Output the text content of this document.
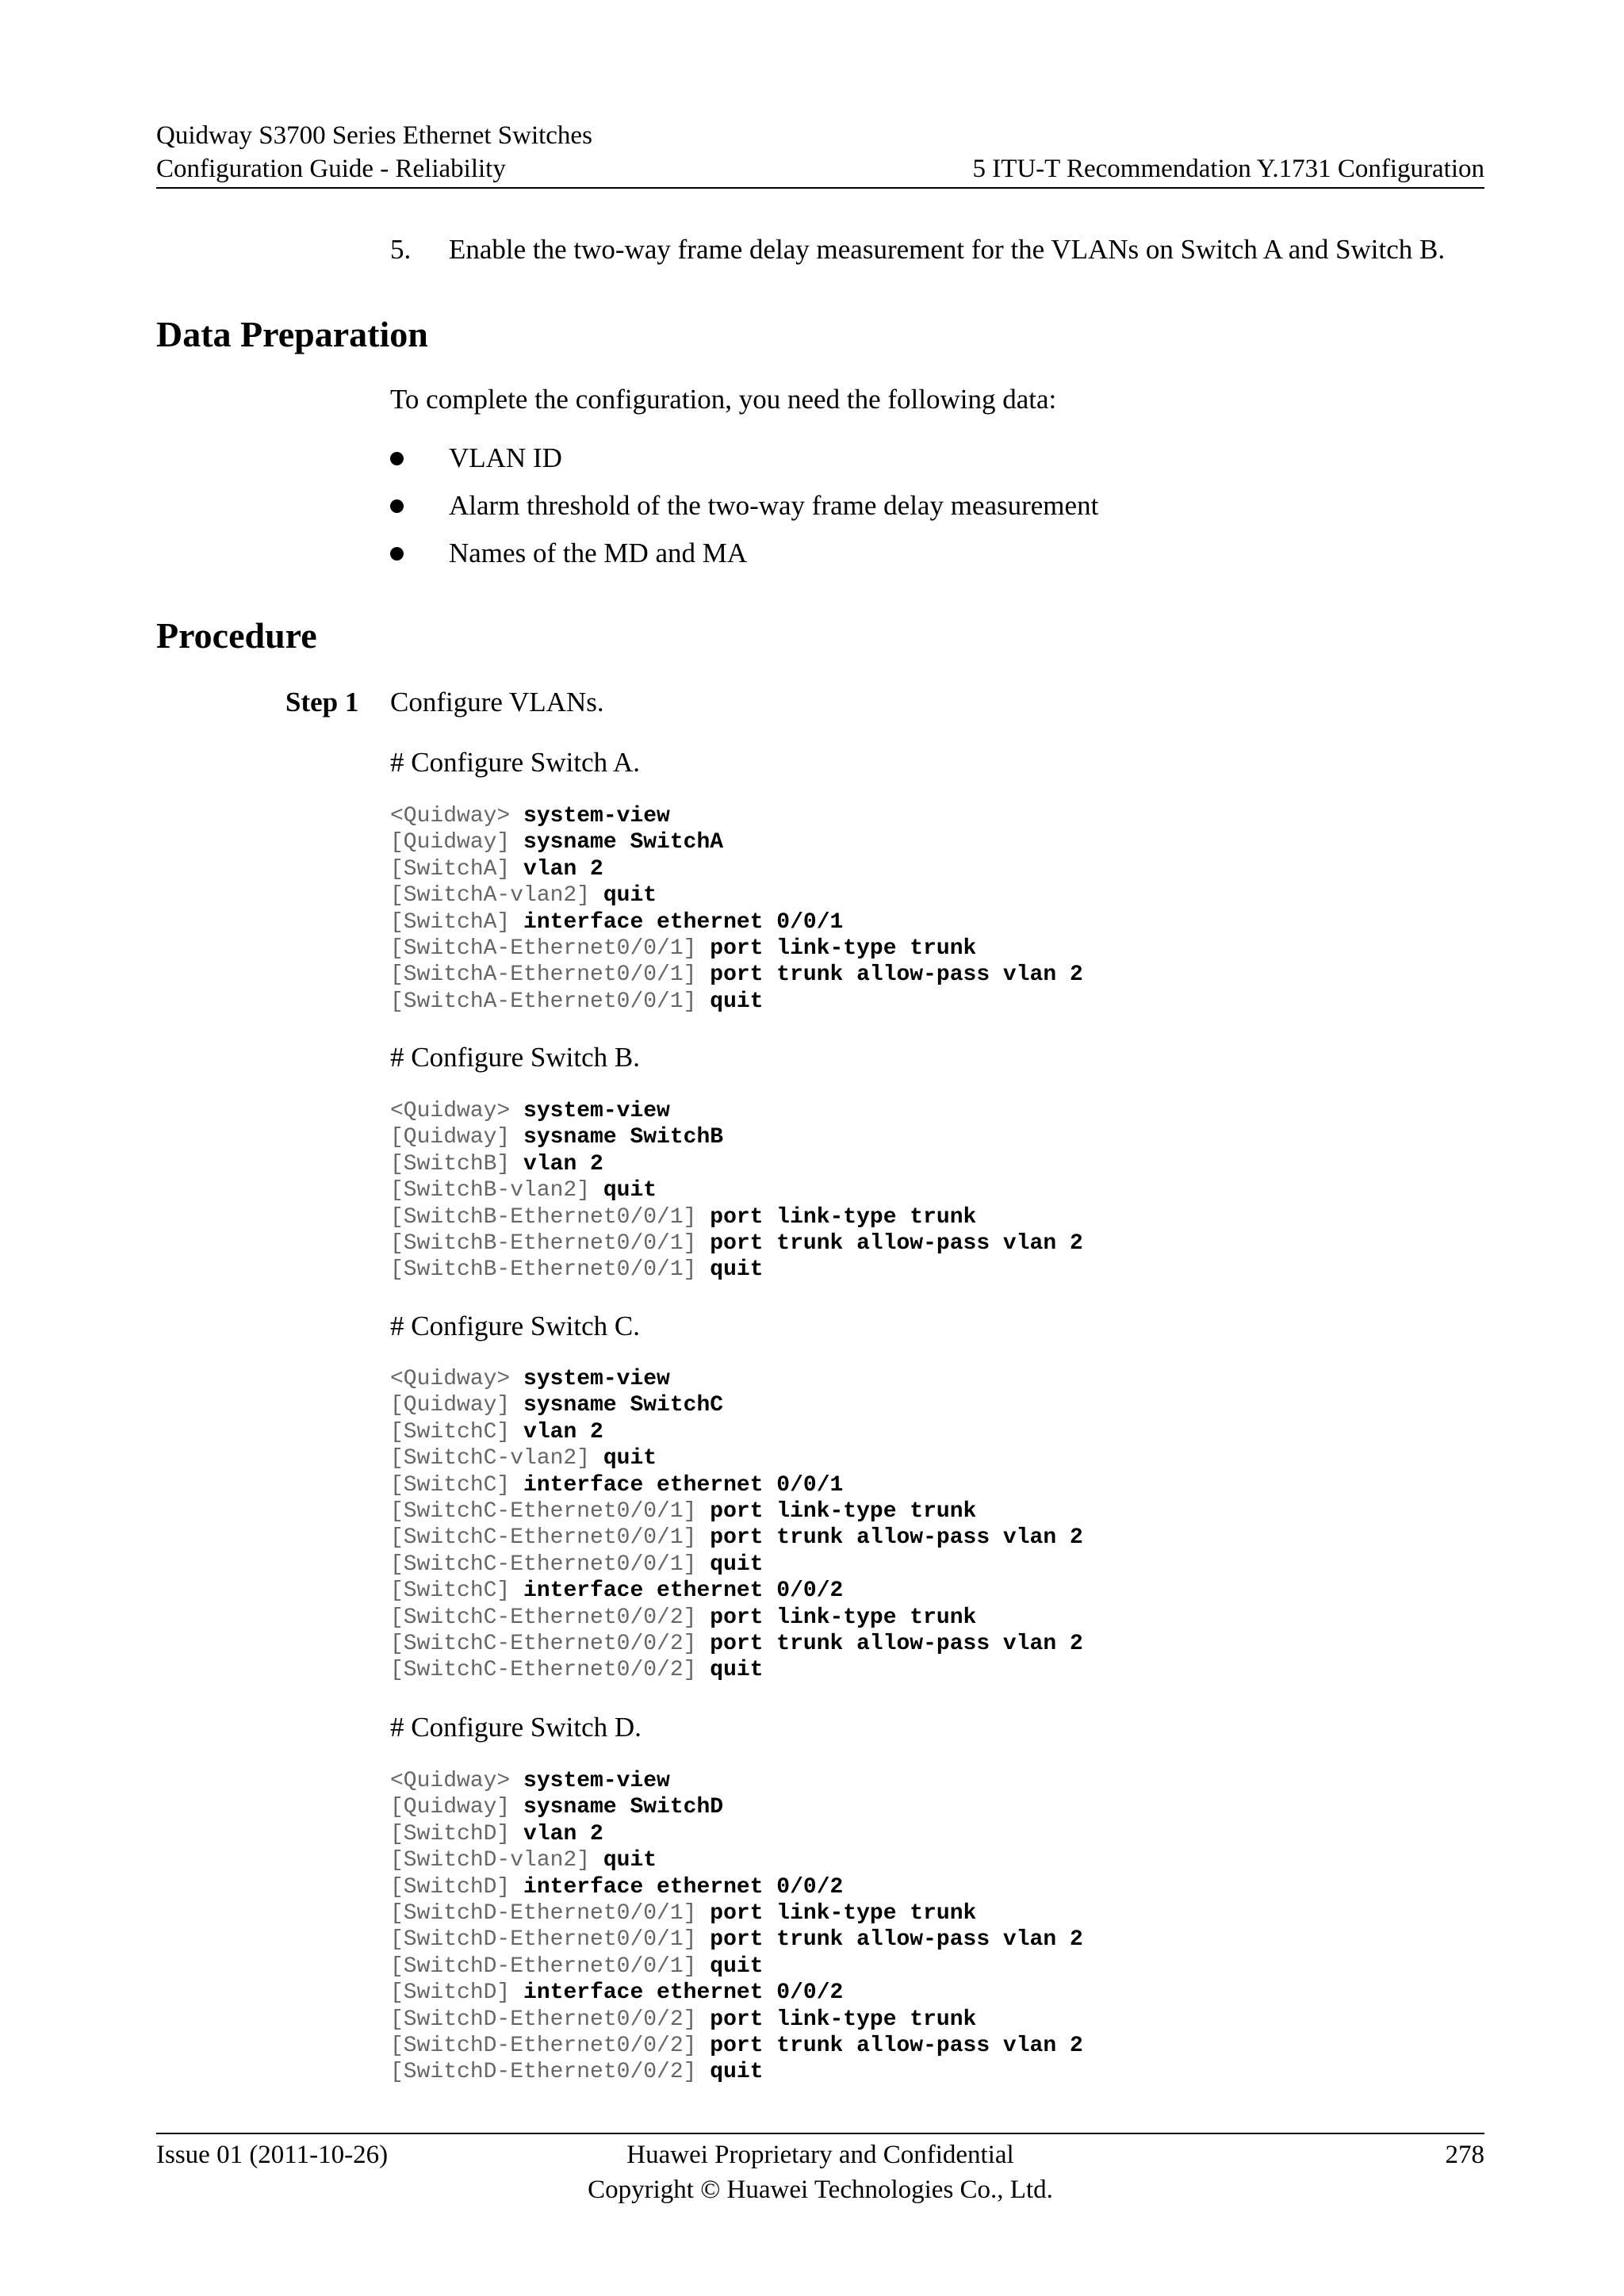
Quidway S3700 Series Ethernet Switches
Configuration Guide - Reliability	5 ITU-T Recommendation Y.1731 Configuration
5. Enable the two-way frame delay measurement for the VLANs on Switch A and Switch B.
Data Preparation
To complete the configuration, you need the following data:
VLAN ID
Alarm threshold of the two-way frame delay measurement
Names of the MD and MA
Procedure
Step 1 Configure VLANs.
# Configure Switch A.
<Quidway> system-view
[Quidway] sysname SwitchA
[SwitchA] vlan 2
[SwitchA-vlan2] quit
[SwitchA] interface ethernet 0/0/1
[SwitchA-Ethernet0/0/1] port link-type trunk
[SwitchA-Ethernet0/0/1] port trunk allow-pass vlan 2
[SwitchA-Ethernet0/0/1] quit
# Configure Switch B.
<Quidway> system-view
[Quidway] sysname SwitchB
[SwitchB] vlan 2
[SwitchB-vlan2] quit
[SwitchB-Ethernet0/0/1] port link-type trunk
[SwitchB-Ethernet0/0/1] port trunk allow-pass vlan 2
[SwitchB-Ethernet0/0/1] quit
# Configure Switch C.
<Quidway> system-view
[Quidway] sysname SwitchC
[SwitchC] vlan 2
[SwitchC-vlan2] quit
[SwitchC] interface ethernet 0/0/1
[SwitchC-Ethernet0/0/1] port link-type trunk
[SwitchC-Ethernet0/0/1] port trunk allow-pass vlan 2
[SwitchC-Ethernet0/0/1] quit
[SwitchC] interface ethernet 0/0/2
[SwitchC-Ethernet0/0/2] port link-type trunk
[SwitchC-Ethernet0/0/2] port trunk allow-pass vlan 2
[SwitchC-Ethernet0/0/2] quit
# Configure Switch D.
<Quidway> system-view
[Quidway] sysname SwitchD
[SwitchD] vlan 2
[SwitchD-vlan2] quit
[SwitchD] interface ethernet 0/0/2
[SwitchD-Ethernet0/0/1] port link-type trunk
[SwitchD-Ethernet0/0/1] port trunk allow-pass vlan 2
[SwitchD-Ethernet0/0/1] quit
[SwitchD] interface ethernet 0/0/2
[SwitchD-Ethernet0/0/2] port link-type trunk
[SwitchD-Ethernet0/0/2] port trunk allow-pass vlan 2
[SwitchD-Ethernet0/0/2] quit
Issue 01 (2011-10-26)	Huawei Proprietary and Confidential
Copyright © Huawei Technologies Co., Ltd.
278
